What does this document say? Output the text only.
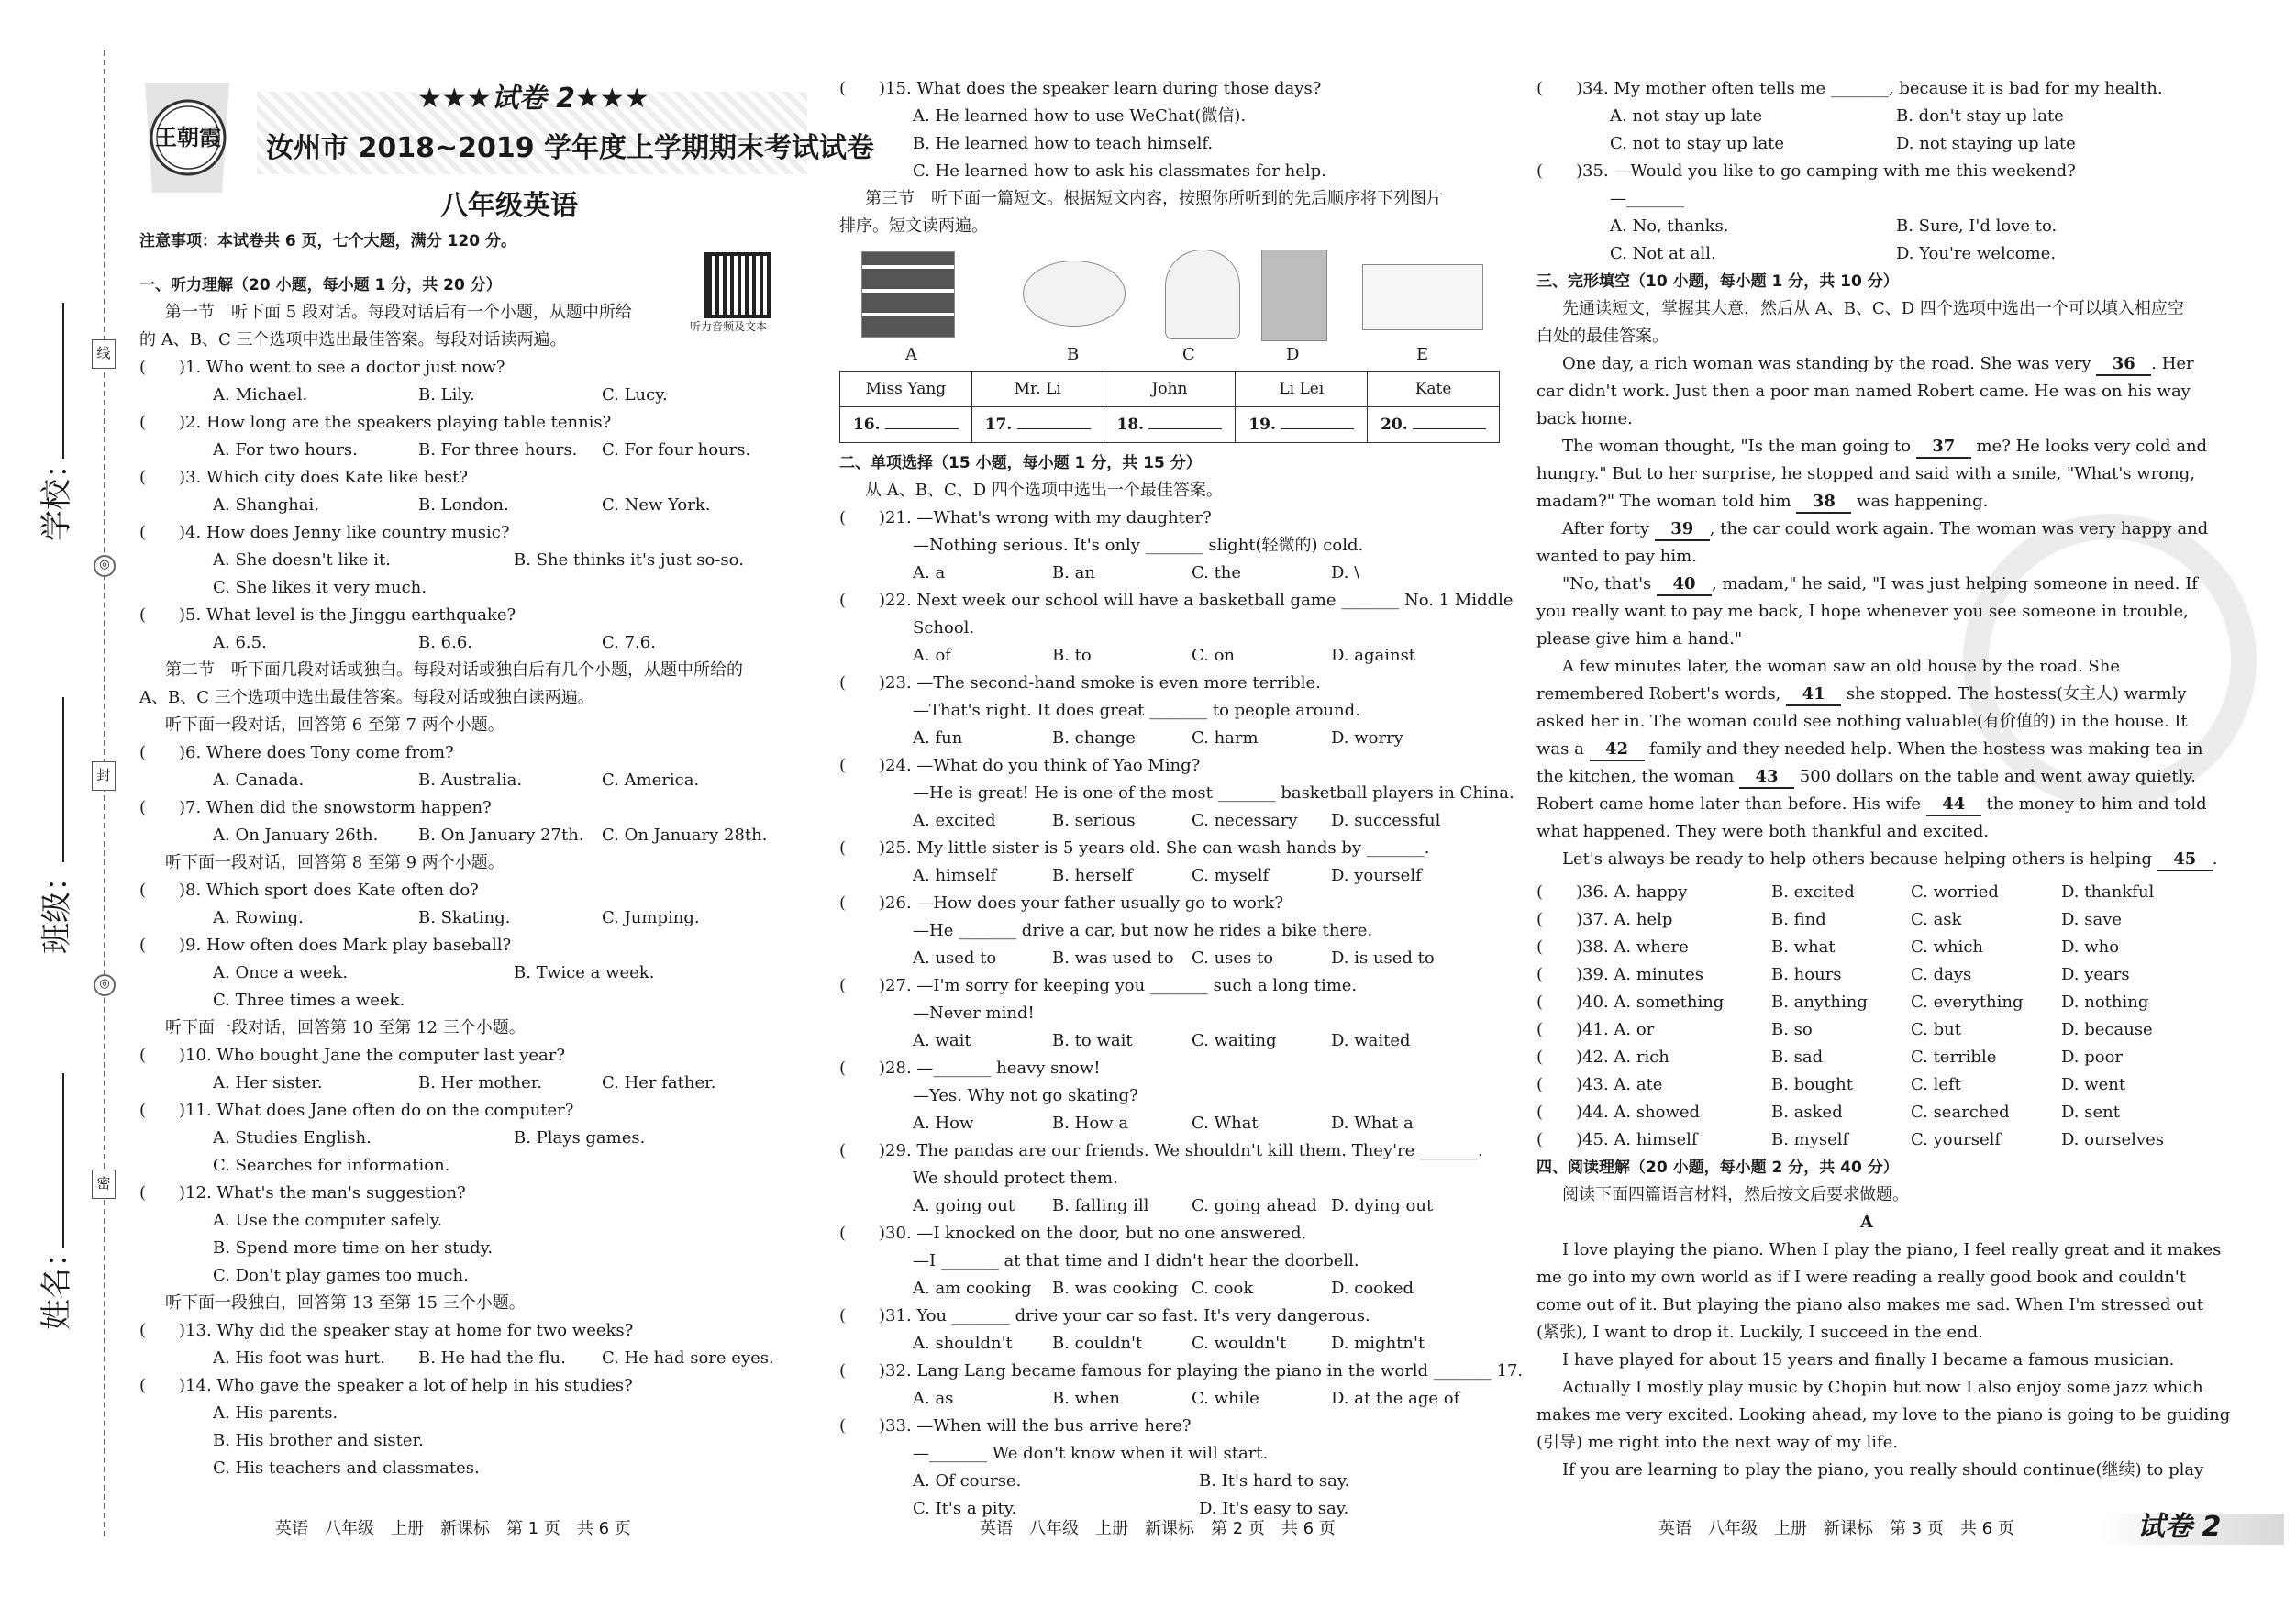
线
◎
封
◎
密
学校：
班级：
姓名：
王朝霞
★★★试卷 2★★★
汝州市 2018~2019 学年度上学期期末考试试卷
八年级英语
注意事项：本试卷共 6 页，七个大题，满分 120 分。
听力音频及文本
一、听力理解（20 小题，每小题 1 分，共 20 分）
第一节　听下面 5 段对话。每段对话后有一个小题，从题中所给
的 A、B、C 三个选项中选出最佳答案。每段对话读两遍。
(　　)1. Who went to see a doctor just now?
A. Michael.	B. Lily.	C. Lucy.
(　　)2. How long are the speakers playing table tennis?
A. For two hours.	B. For three hours.	C. For four hours.
(　　)3. Which city does Kate like best?
A. Shanghai.	B. London.	C. New York.
(　　)4. How does Jenny like country music?
A. She doesn't like it.	B. She thinks it's just so-so.
C. She likes it very much.
(　　)5. What level is the Jinggu earthquake?
A. 6.5.	B. 6.6.	C. 7.6.
第二节　听下面几段对话或独白。每段对话或独白后有几个小题，从题中所给的
A、B、C 三个选项中选出最佳答案。每段对话或独白读两遍。
听下面一段对话，回答第 6 至第 7 两个小题。
(　　)6. Where does Tony come from?
A. Canada.	B. Australia.	C. America.
(　　)7. When did the snowstorm happen?
A. On January 26th.	B. On January 27th.	C. On January 28th.
听下面一段对话，回答第 8 至第 9 两个小题。
(　　)8. Which sport does Kate often do?
A. Rowing.	B. Skating.	C. Jumping.
(　　)9. How often does Mark play baseball?
A. Once a week.	B. Twice a week.
C. Three times a week.
听下面一段对话，回答第 10 至第 12 三个小题。
(　　)10. Who bought Jane the computer last year?
A. Her sister.	B. Her mother.	C. Her father.
(　　)11. What does Jane often do on the computer?
A. Studies English.	B. Plays games.
C. Searches for information.
(　　)12. What's the man's suggestion?
A. Use the computer safely.
B. Spend more time on her study.
C. Don't play games too much.
听下面一段独白，回答第 13 至第 15 三个小题。
(　　)13. Why did the speaker stay at home for two weeks?
A. His foot was hurt.	B. He had the flu.	C. He had sore eyes.
(　　)14. Who gave the speaker a lot of help in his studies?
A. His parents.
B. His brother and sister.
C. His teachers and classmates.
(　　)15. What does the speaker learn during those days?
A. He learned how to use WeChat(微信).
B. He learned how to teach himself.
C. He learned how to ask his classmates for help.
第三节　听下面一篇短文。根据短文内容，按照你所听到的先后顺序将下列图片
排序。短文读两遍。
A	B	C	D	E
Miss Yang	Mr. Li	John	Li Lei	Kate
16.	17.	18.	19.	20.
二、单项选择（15 小题，每小题 1 分，共 15 分）
从 A、B、C、D 四个选项中选出一个最佳答案。
(　　)21. —What's wrong with my daughter?
—Nothing serious. It's only _______ slight(轻微的) cold.
A. a	B. an	C. the	D. \
(　　)22. Next week our school will have a basketball game _______ No. 1 Middle
School.
A. of	B. to	C. on	D. against
(　　)23. —The second-hand smoke is even more terrible.
—That's right. It does great _______ to people around.
A. fun	B. change	C. harm	D. worry
(　　)24. —What do you think of Yao Ming?
—He is great! He is one of the most _______ basketball players in China.
A. excited	B. serious	C. necessary	D. successful
(　　)25. My little sister is 5 years old. She can wash hands by _______.
A. himself	B. herself	C. myself	D. yourself
(　　)26. —How does your father usually go to work?
—He _______ drive a car, but now he rides a bike there.
A. used to	B. was used to	C. uses to	D. is used to
(　　)27. —I'm sorry for keeping you _______ such a long time.
—Never mind!
A. wait	B. to wait	C. waiting	D. waited
(　　)28. —_______ heavy snow!
—Yes. Why not go skating?
A. How	B. How a	C. What	D. What a
(　　)29. The pandas are our friends. We shouldn't kill them. They're _______.
We should protect them.
A. going out	B. falling ill	C. going ahead D. dying out
(　　)30. —I knocked on the door, but no one answered.
—I _______ at that time and I didn't hear the doorbell.
A. am cooking	B. was cooking C. cook	D. cooked
(　　)31. You _______ drive your car so fast. It's very dangerous.
A. shouldn't	B. couldn't	C. wouldn't	D. mightn't
(　　)32. Lang Lang became famous for playing the piano in the world _______ 17.
A. as	B. when	C. while	D. at the age of
(　　)33. —When will the bus arrive here?
—_______ We don't know when it will start.
A. Of course.	B. It's hard to say.
C. It's a pity.	D. It's easy to say.
(　　)34. My mother often tells me _______, because it is bad for my health.
A. not stay up late	B. don't stay up late
C. not to stay up late	D. not staying up late
(　　)35. —Would you like to go camping with me this weekend?
—_______
A. No, thanks.	B. Sure, I'd love to.
C. Not at all.	D. You're welcome.
三、完形填空（10 小题，每小题 1 分，共 10 分）
先通读短文，掌握其大意，然后从 A、B、C、D 四个选项中选出一个可以填入相应空
白处的最佳答案。
One day, a rich woman was standing by the road. She was very 36 . Her
car didn't work. Just then a poor man named Robert came. He was on his way
back home.
The woman thought, "Is the man going to 37 me? He looks very cold and
hungry." But to her surprise, he stopped and said with a smile, "What's wrong,
madam?" The woman told him 38 was happening.
After forty 39 , the car could work again. The woman was very happy and
wanted to pay him.
"No, that's 40 , madam," he said, "I was just helping someone in need. If
you really want to pay me back, I hope whenever you see someone in trouble,
please give him a hand."
A few minutes later, the woman saw an old house by the road. She
remembered Robert's words, 41 she stopped. The hostess(女主人) warmly
asked her in. The woman could see nothing valuable(有价值的) in the house. It
was a 42 family and they needed help. When the hostess was making tea in
the kitchen, the woman 43 500 dollars on the table and went away quietly.
Robert came home later than before. His wife 44 the money to him and told
what happened. They were both thankful and excited.
Let's always be ready to help others because helping others is helping 45 .
(　　)36. A. happy	B. excited	C. worried	D. thankful
(　　)37. A. help	B. find	C. ask	D. save
(　　)38. A. where	B. what	C. which	D. who
(　　)39. A. minutes	B. hours	C. days	D. years
(　　)40. A. something	B. anything	C. everything	D. nothing
(　　)41. A. or	B. so	C. but	D. because
(　　)42. A. rich	B. sad	C. terrible	D. poor
(　　)43. A. ate	B. bought	C. left	D. went
(　　)44. A. showed	B. asked	C. searched	D. sent
(　　)45. A. himself	B. myself	C. yourself	D. ourselves
四、阅读理解（20 小题，每小题 2 分，共 40 分）
阅读下面四篇语言材料，然后按文后要求做题。
A
I love playing the piano. When I play the piano, I feel really great and it makes
me go into my own world as if I were reading a really good book and couldn't
come out of it. But playing the piano also makes me sad. When I'm stressed out
(紧张), I want to drop it. Luckily, I succeed in the end.
I have played for about 15 years and finally I became a famous musician.
Actually I mostly play music by Chopin but now I also enjoy some jazz which
makes me very excited. Looking ahead, my love to the piano is going to be guiding
(引导) me right into the next way of my life.
If you are learning to play the piano, you really should continue(继续) to play
英语　八年级　上册　新课标　第 1 页　共 6 页	英语　八年级　上册　新课标　第 2 页　共 6 页	英语　八年级　上册　新课标　第 3 页　共 6 页	试卷 2
